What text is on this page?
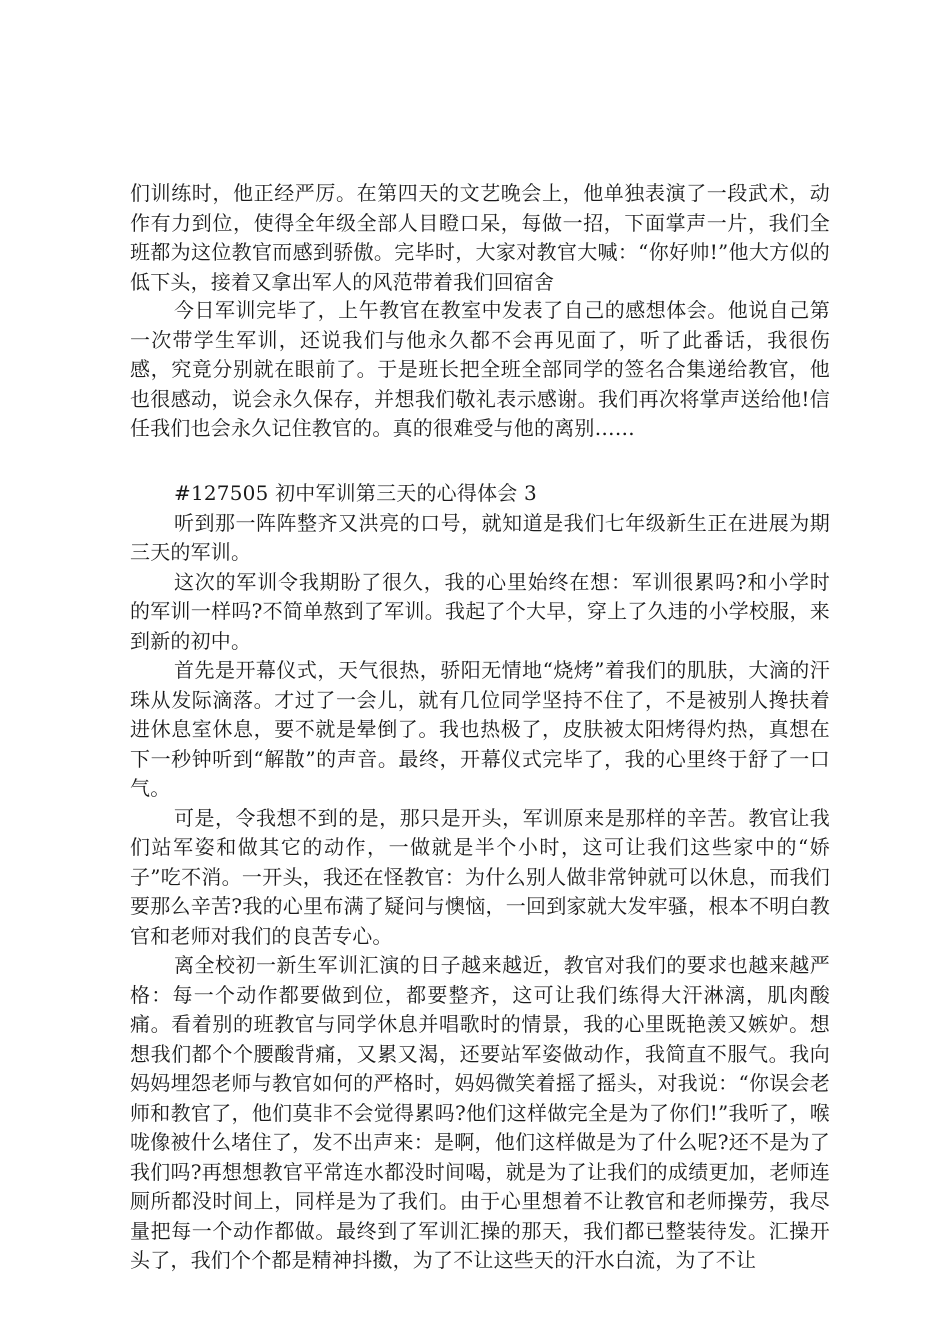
们训练时，他正经严厉。在第四天的文艺晚会上，他单独表演了一段武术，动作有力到位，使得全年级全部人目瞪口呆，每做一招，下面掌声一片，我们全班都为这位教官而感到骄傲。完毕时，大家对教官大喊：“你好帅!”他大方似的低下头，接着又拿出军人的风范带着我们回宿舍

今日军训完毕了，上午教官在教室中发表了自己的感想体会。他说自己第一次带学生军训，还说我们与他永久都不会再见面了，听了此番话，我很伤感，究竟分别就在眼前了。于是班长把全班全部同学的签名合集递给教官，他也很感动，说会永久保存，并想我们敬礼表示感谢。我们再次将掌声送给他!信任我们也会永久记住教官的。真的很难受与他的离别……

#127505 初中军训第三天的心得体会 3

听到那一阵阵整齐又洪亮的口号，就知道是我们七年级新生正在进展为期三天的军训。

这次的军训令我期盼了很久，我的心里始终在想：军训很累吗?和小学时的军训一样吗?不简单熬到了军训。我起了个大早，穿上了久违的小学校服，来到新的初中。

首先是开幕仪式，天气很热，骄阳无情地“烧烤”着我们的肌肤，大滴的汗珠从发际滴落。才过了一会儿，就有几位同学坚持不住了，不是被别人搀扶着进休息室休息，要不就是晕倒了。我也热极了，皮肤被太阳烤得灼热，真想在下一秒钟听到“解散”的声音。最终，开幕仪式完毕了，我的心里终于舒了一口气。

可是，令我想不到的是，那只是开头，军训原来是那样的辛苦。教官让我们站军姿和做其它的动作，一做就是半个小时，这可让我们这些家中的“娇子”吃不消。一开头，我还在怪教官：为什么别人做非常钟就可以休息，而我们要那么辛苦?我的心里布满了疑问与懊恼，一回到家就大发牢骚，根本不明白教官和老师对我们的良苦专心。

离全校初一新生军训汇演的日子越来越近，教官对我们的要求也越来越严格：每一个动作都要做到位，都要整齐，这可让我们练得大汗淋漓，肌肉酸痛。看着别的班教官与同学休息并唱歌时的情景，我的心里既艳羡又嫉妒。想想我们都个个腰酸背痛，又累又渴，还要站军姿做动作，我简直不服气。我向妈妈埋怨老师与教官如何的严格时，妈妈微笑着摇了摇头，对我说：“你误会老师和教官了，他们莫非不会觉得累吗?他们这样做完全是为了你们!”我听了，喉咙像被什么堵住了，发不出声来：是啊，他们这样做是为了什么呢?还不是为了我们吗?再想想教官平常连水都没时间喝，就是为了让我们的成绩更加，老师连厕所都没时间上，同样是为了我们。由于心里想着不让教官和老师操劳，我尽量把每一个动作都做。最终到了军训汇操的那天，我们都已整装待发。汇操开头了，我们个个都是精神抖擞，为了不让这些天的汗水白流，为了不让
